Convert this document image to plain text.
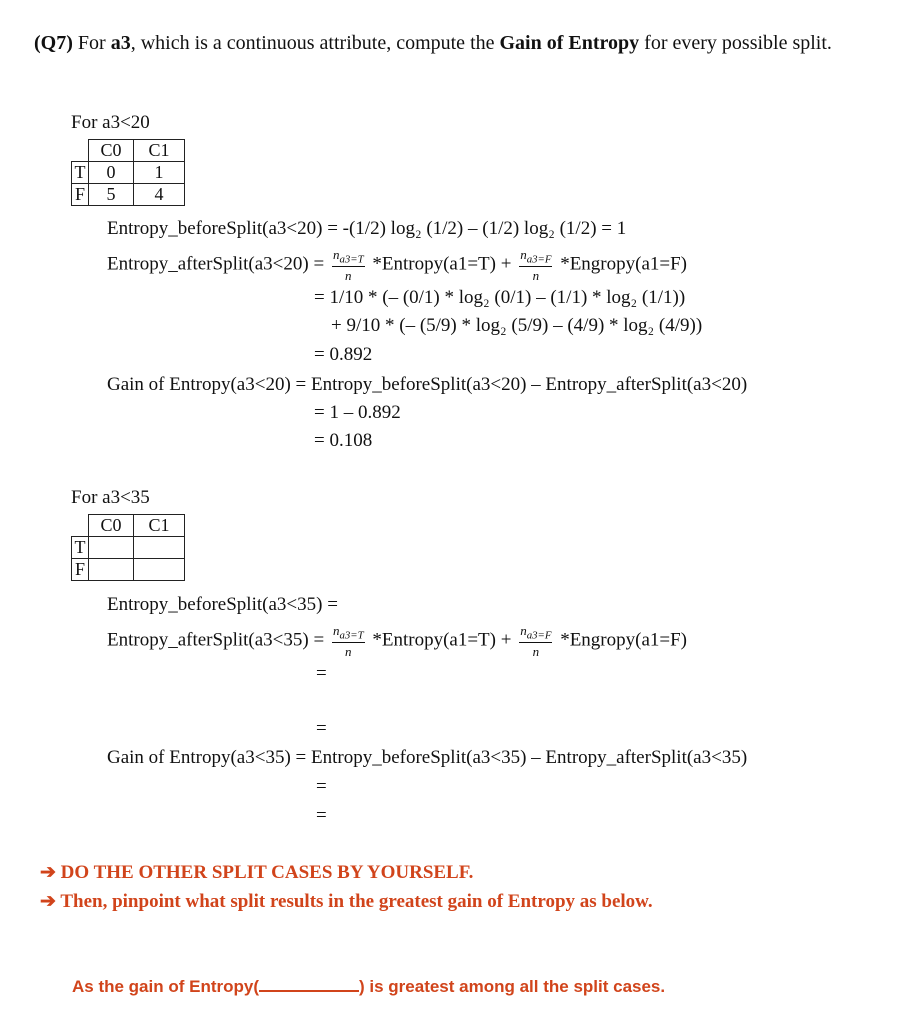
(Q7) For a3, which is a continuous attribute, compute the Gain of Entropy for every possible split.
For a3<20
	C0	C1
T	0	1
F	5	4
Entropy_beforeSplit(a3<20) = -(1/2) log₂ (1/2) – (1/2) log₂ (1/2) = 1
Entropy_afterSplit(a3<20) = $\frac{n_{a3=T}}{n}$ *Entropy(a1=T) + $\frac{n_{a3=F}}{n}$ *Engropy(a1=F)
= 1/10 * (– (0/1) * log₂ (0/1) – (1/1) * log₂ (1/1))
+ 9/10 * (– (5/9) * log₂ (5/9) – (4/9) * log₂ (4/9))
= 0.892
Gain of Entropy(a3<20) = Entropy_beforeSplit(a3<20) – Entropy_afterSplit(a3<20)
= 1 – 0.892
= 0.108
For a3<35
	C0	C1
T		
F		
Entropy_beforeSplit(a3<35) =
Entropy_afterSplit(a3<35) = $\frac{n_{a3=T}}{n}$ *Entropy(a1=T) + $\frac{n_{a3=F}}{n}$ *Engropy(a1=F)
=
=
Gain of Entropy(a3<35) = Entropy_beforeSplit(a3<35) – Entropy_afterSplit(a3<35)
=
=
➔ DO THE OTHER SPLIT CASES BY YOURSELF.
➔ Then, pinpoint what split results in the greatest gain of Entropy as below.
As the gain of Entropy(	) is greatest among all the split cases.
